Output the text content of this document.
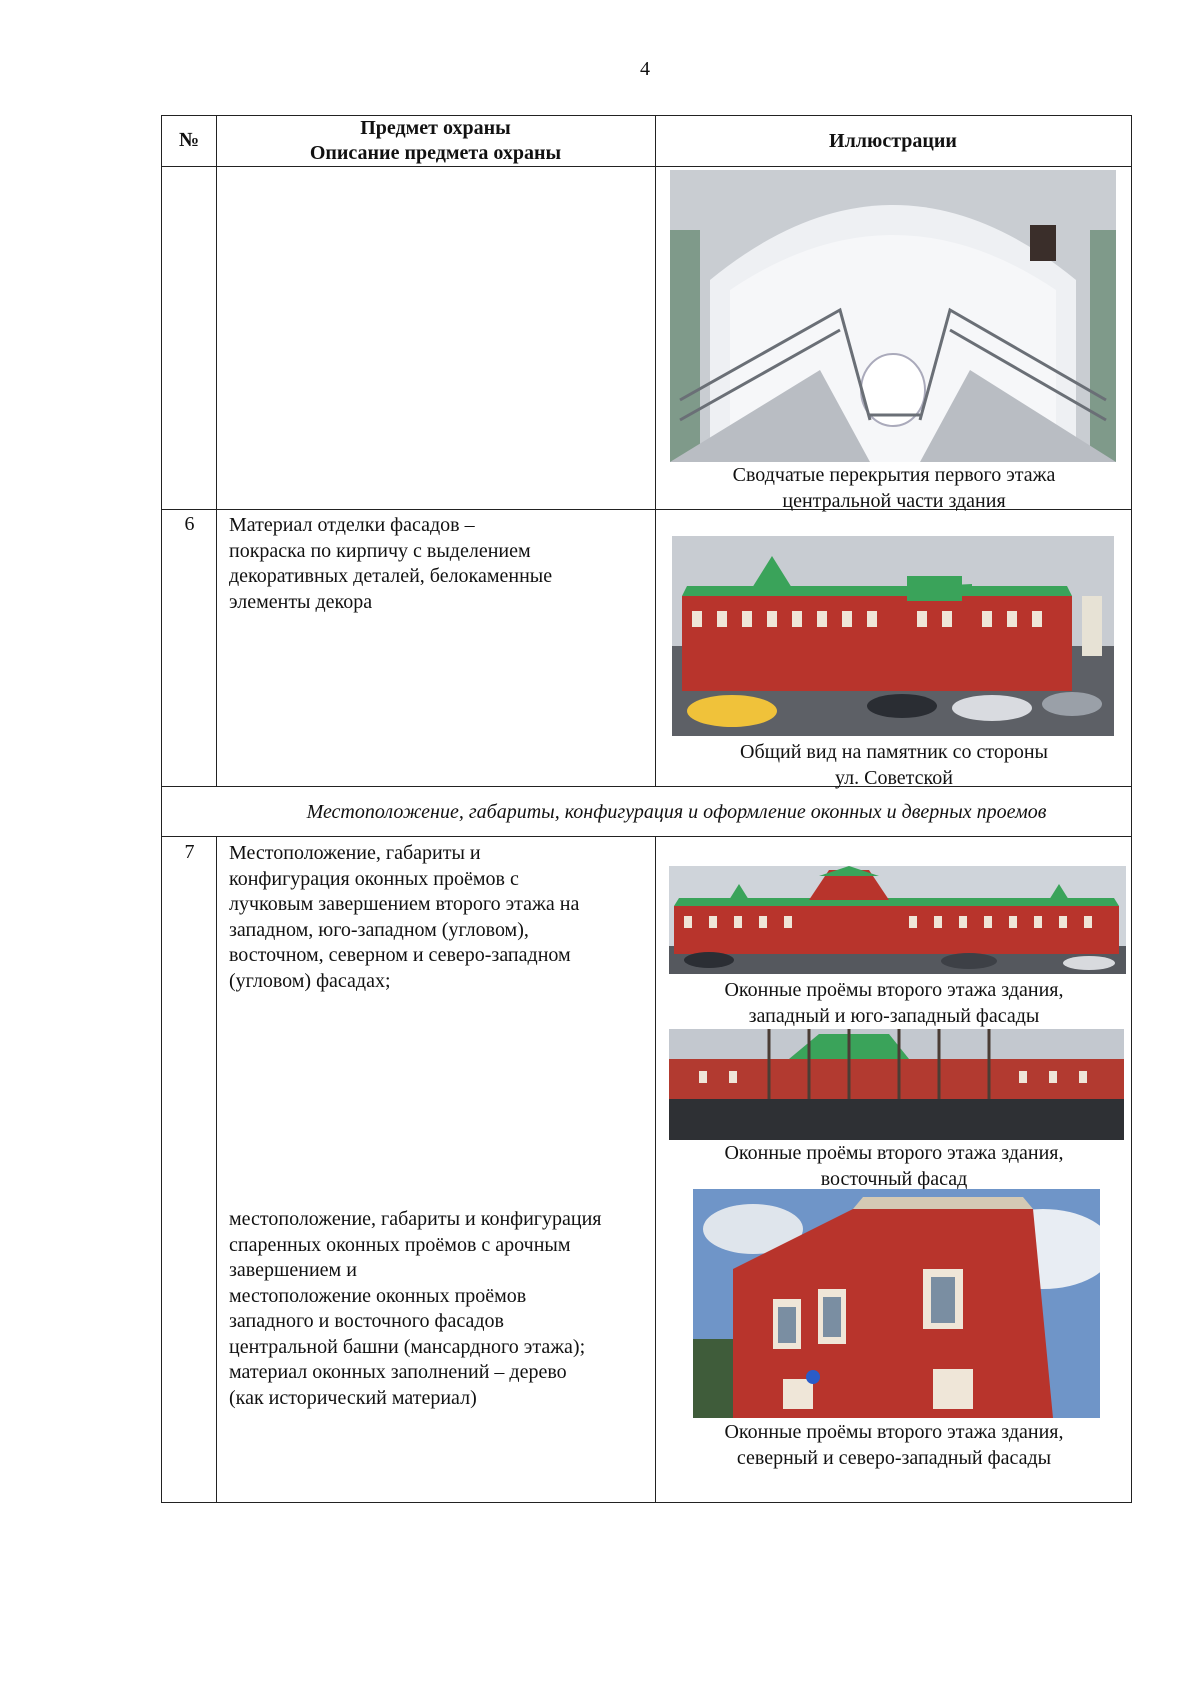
4
№
Предмет охраны
Описание предмета охраны
Иллюстрации
Сводчатые перекрытия первого этажа
центральной части здания
6	Материал отделки фасадов –
покраска по кирпичу с выделением
декоративных деталей, белокаменные
элементы декора
Общий вид на памятник со стороны
ул. Советской
Местоположение, габариты, конфигурация и оформление оконных и дверных проемов
7	Местоположение, габариты и
конфигурация оконных проёмов с
лучковым завершением второго этажа на
западном, юго-западном (угловом),
восточном, северном и северо-западном
(угловом) фасадах;
местоположение, габариты и конфигурация
спаренных оконных проёмов с арочным
завершением и
местоположение оконных проёмов
западного и восточного фасадов
центральной башни (мансардного этажа);
материал оконных заполнений – дерево
(как исторический материал)
Оконные проёмы второго этажа здания,
западный и юго-западный фасады
Оконные проёмы второго этажа здания,
восточный фасад
Оконные проёмы второго этажа здания,
северный и северо-западный фасады
